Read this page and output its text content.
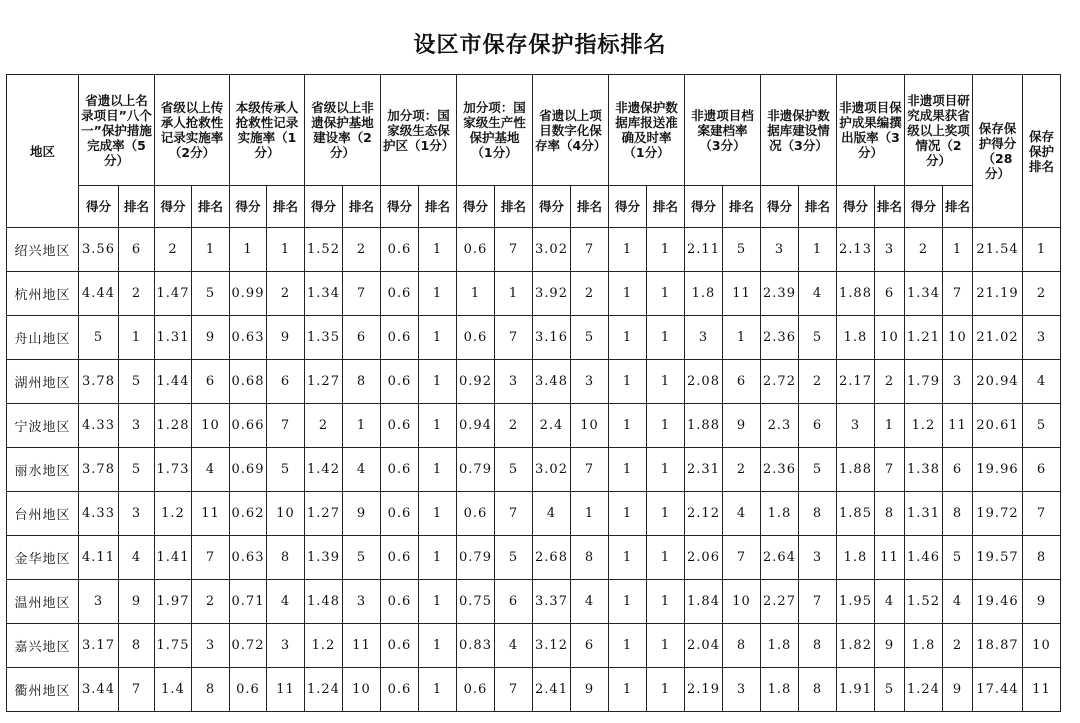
设区市保存保护指标排名
地区	省遗以上名录项目”八个一”保护措施完成率（5分）		省级以上传承人抢救性记录实施率（2分）		本级传承人抢救性记录实施率（1分）		省级以上非遗保护基地建设率（2分）		加分项：国家级生态保护区（1分）		加分项：国家级生产性保护基地（1分）		省遗以上项目数字化保存率（4分）		非遗保护数据库报送准确及时率（1分）		非遗项目档案建档率（3分）		非遗保护数据库建设情况（3分）		非遗项目保护成果编撰出版率（3分）		非遗项目研究成果获省级以上奖项情况（2分）		保存保护得分（28分）	保存保护排名

	得分	排名	得分	排名	得分	排名	得分	排名	得分	排名	得分	排名	得分	排名	得分	排名	得分	排名	得分	排名	得分	排名	得分	排名		

绍兴地区	3.56	6	2	1	1	1	1.52	2	0.6	1	0.6	7	3.02	7	1	1	2.11	5	3	1	2.13	3	2	1	21.54	1
杭州地区	4.44	2	1.47	5	0.99	2	1.34	7	0.6	1	1	1	3.92	2	1	1	1.8	11	2.39	4	1.88	6	1.34	7	21.19	2
舟山地区	5	1	1.31	9	0.63	9	1.35	6	0.6	1	0.6	7	3.16	5	1	1	3	1	2.36	5	1.8	10	1.21	10	21.02	3
湖州地区	3.78	5	1.44	6	0.68	6	1.27	8	0.6	1	0.92	3	3.48	3	1	1	2.08	6	2.72	2	2.17	2	1.79	3	20.94	4
宁波地区	4.33	3	1.28	10	0.66	7	2	1	0.6	1	0.94	2	2.4	10	1	1	1.88	9	2.3	6	3	1	1.2	11	20.61	5
丽水地区	3.78	5	1.73	4	0.69	5	1.42	4	0.6	1	0.79	5	3.02	7	1	1	2.31	2	2.36	5	1.88	7	1.38	6	19.96	6
台州地区	4.33	3	1.2	11	0.62	10	1.27	9	0.6	1	0.6	7	4	1	1	1	2.12	4	1.8	8	1.85	8	1.31	8	19.72	7
金华地区	4.11	4	1.41	7	0.63	8	1.39	5	0.6	1	0.79	5	2.68	8	1	1	2.06	7	2.64	3	1.8	11	1.46	5	19.57	8
温州地区	3	9	1.97	2	0.71	4	1.48	3	0.6	1	0.75	6	3.37	4	1	1	1.84	10	2.27	7	1.95	4	1.52	4	19.46	9
嘉兴地区	3.17	8	1.75	3	0.72	3	1.2	11	0.6	1	0.83	4	3.12	6	1	1	2.04	8	1.8	8	1.82	9	1.8	2	18.87	10
衢州地区	3.44	7	1.4	8	0.6	11	1.24	10	0.6	1	0.6	7	2.41	9	1	1	2.19	3	1.8	8	1.91	5	1.24	9	17.44	11
